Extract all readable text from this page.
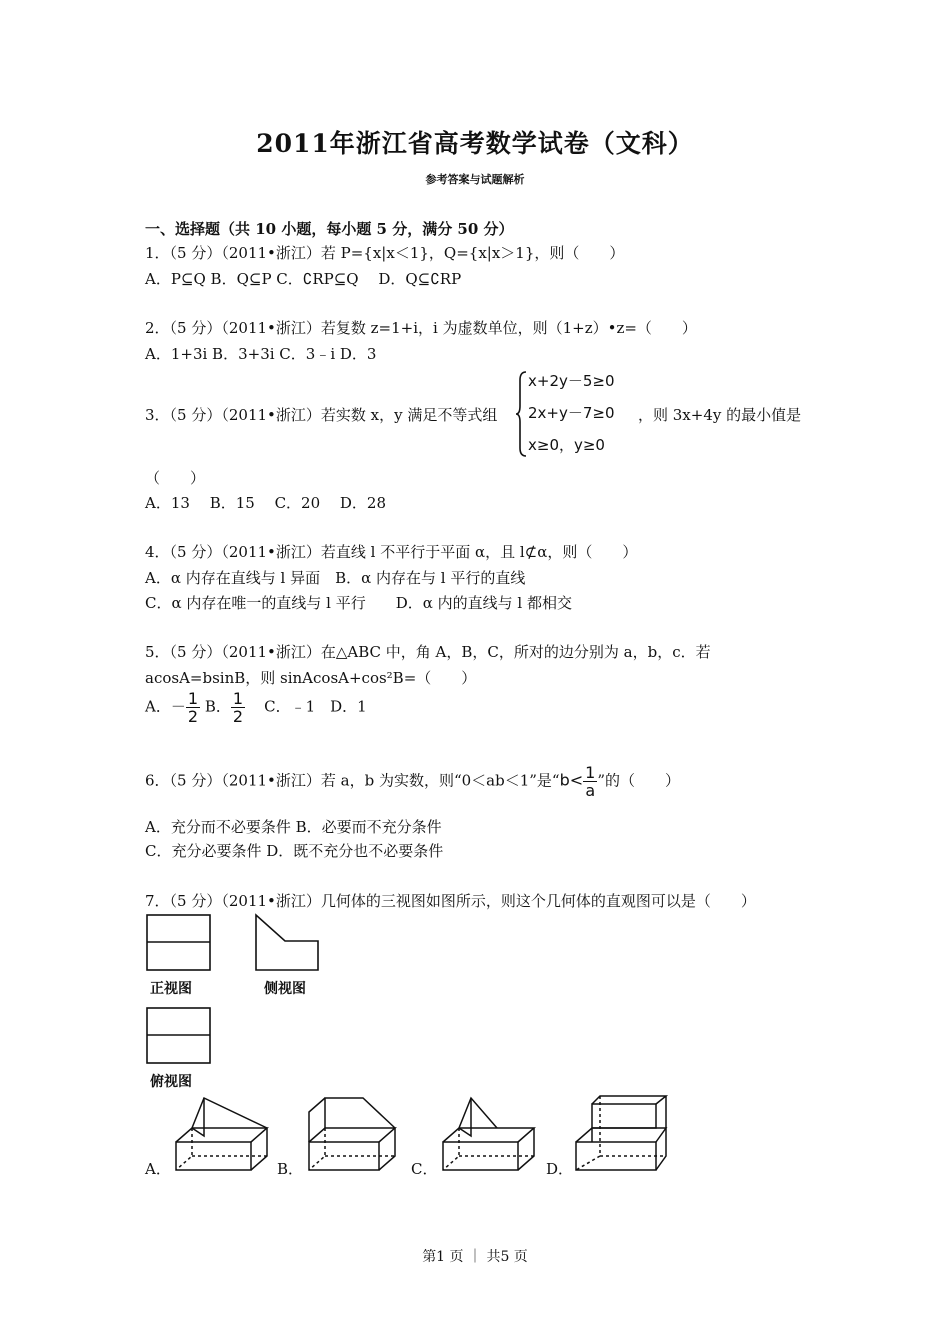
2011年浙江省高考数学试卷（文科）
参考答案与试题解析
一、选择题（共 10 小题，每小题 5 分，满分 50 分）
1．（5 分）（2011•浙江）若 P={x|x＜1}，Q={x|x＞1}，则（　　）
A．P⊆Q B．Q⊆P C．∁RP⊆Q　 D．Q⊆∁RP
2．（5 分）（2011•浙江）若复数 z=1+i，i 为虚数单位，则（1+z）•z=（　　）
A．1+3i B．3+3i C．3﹣i D．3
3．（5 分）（2011•浙江）若实数 x，y 满足不等式组
x+2y－5≥0
2x+y－7≥0
x≥0，y≥0
，则 3x+4y 的最小值是
（　　）
A．13　 B．15　 C．20　 D．28
4．（5 分）（2011•浙江）若直线 l 不平行于平面 α，且 l⊄α，则（　　）
A．α 内存在直线与 l 异面　B．α 内存在与 l 平行的直线
C．α 内存在唯一的直线与 l 平行　　D．α 内的直线与 l 都相交
5．（5 分）（2011•浙江）在△ABC 中，角 A，B，C，所对的边分别为 a，b，c．若
acosA=bsinB，则 sinAcosA+cos²B=（　　）
A．－ $\frac{1}{2}$ B． $\frac{1}{2}$ C．﹣1　D．1
6．（5 分）（2011•浙江）若 a，b 为实数，则“0＜ab＜1”是“$b< \frac{1}{a}$ ”的（　　）
A．充分而不必要条件 B．必要而不充分条件
C．充分必要条件 D．既不充分也不必要条件
7．（5 分）（2011•浙江）几何体的三视图如图所示，则这个几何体的直观图可以是（　　）
正视图	侧视图
俯视图
A．	B．	C．	D．
第1 页 ｜ 共5 页
